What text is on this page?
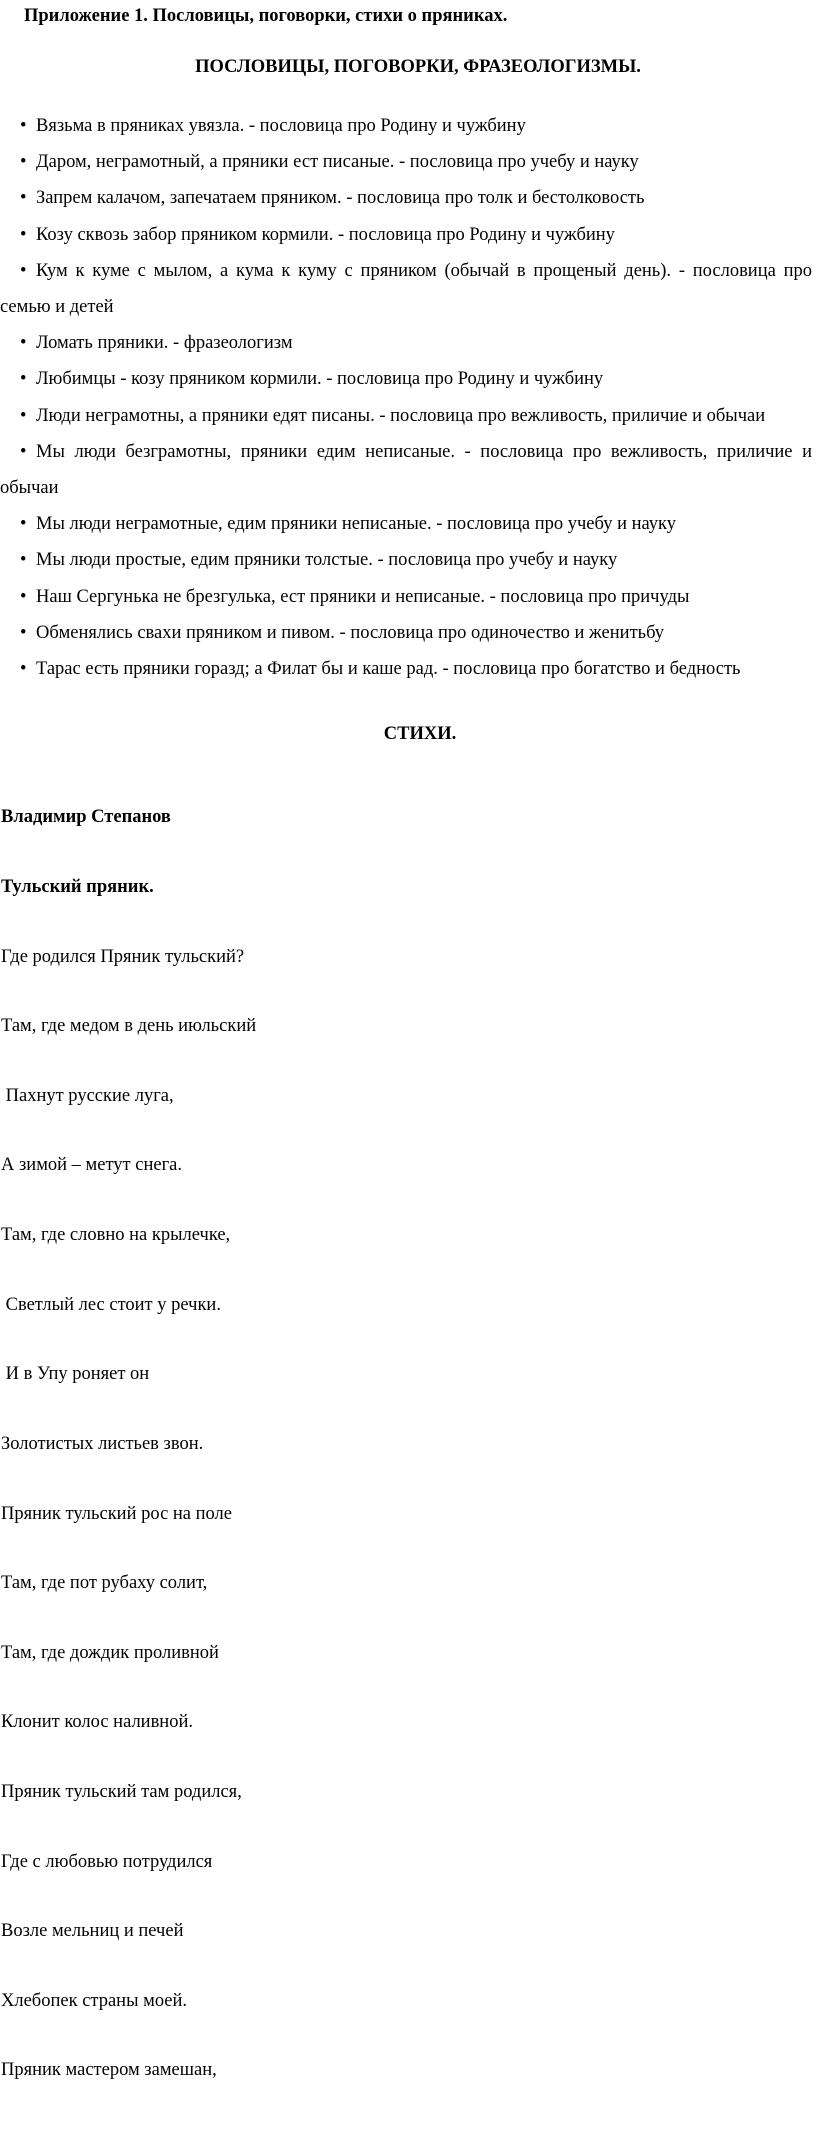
Приложение 1. Пословицы, поговорки, стихи о пряниках.
ПОСЛОВИЦЫ, ПОГОВОРКИ, ФРАЗЕОЛОГИЗМЫ.

• Вязьма в пряниках увязла. - пословица про Родину и чужбину

• Даром, неграмотный, а пряники ест писаные. - пословица про учебу и науку

• Запрем калачом, запечатаем пряником. - пословица про толк и бестолковость

• Козу сквозь забор пряником кормили. - пословица про Родину и чужбину

• Кум к куме с мылом, а кума к куму с пряником (обычай в прощеный день). - пословица про семью и детей

• Ломать пряники. - фразеологизм

• Любимцы - козу пряником кормили. - пословица про Родину и чужбину

• Люди неграмотны, а пряники едят писаны. - пословица про вежливость, приличие и обычаи

• Мы люди безграмотны, пряники едим неписаные. - пословица про вежливость, приличие и обычаи

• Мы люди неграмотные, едим пряники неписаные. - пословица про учебу и науку

• Мы люди простые, едим пряники толстые. - пословица про учебу и науку

• Наш Сергунька не брезгулька, ест пряники и неписаные. - пословица про причуды

• Обменялись свахи пряником и пивом. - пословица про одиночество и женитьбу

• Тарас есть пряники горазд; а Филат бы и каше рад. - пословица про богатство и бедность

СТИХИ.

Владимир Степанов

Тульский пряник.

Где родился Пряник тульский?

Там, где медом в день июльский

Пахнут русские луга,

А зимой – метут снега.

Там, где словно на крылечке,

Светлый лес стоит у речки.

И в Упу роняет он

Золотистых листьев звон.

Пряник тульский рос на поле

Там, где пот рубаху солит,

Там, где дождик проливной

Клонит колос наливной.

Пряник тульский там родился,

Где с любовью потрудился

Возле мельниц и печей

Хлебопек страны моей.

Пряник мастером замешан,
